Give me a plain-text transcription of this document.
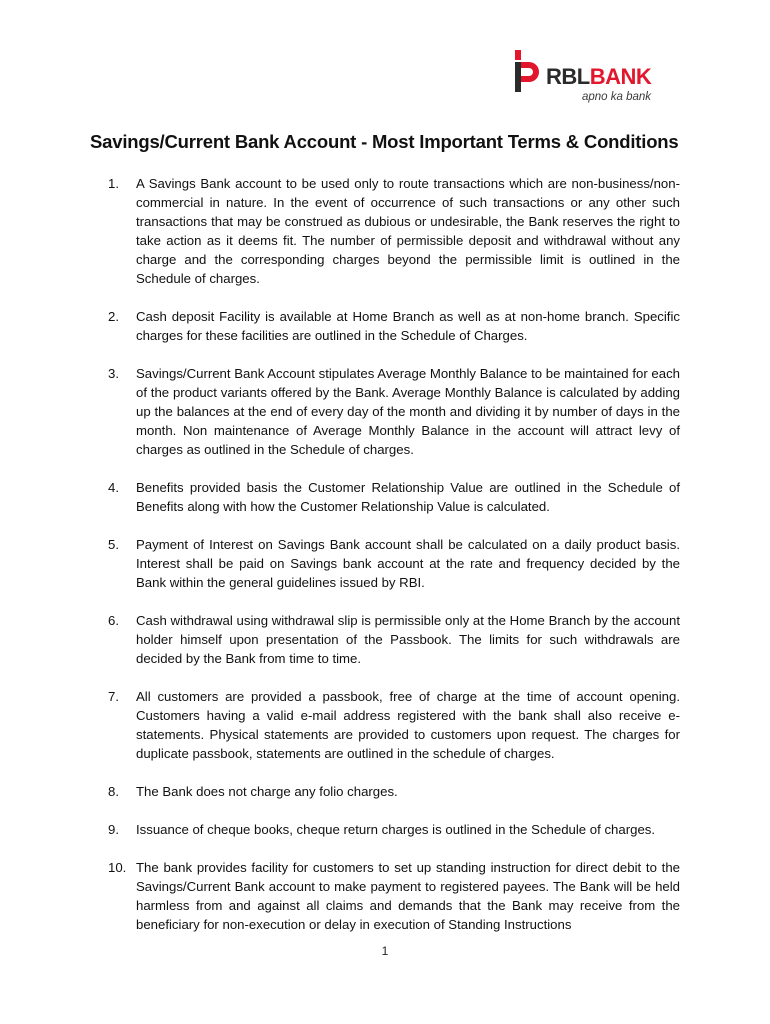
RBLBANK
apno ka bank
Savings/Current Bank Account - Most Important Terms & Conditions
1. A Savings Bank account to be used only to route transactions which are non-business/non-commercial in nature. In the event of occurrence of such transactions or any other such transactions that may be construed as dubious or undesirable, the Bank reserves the right to take action as it deems fit. The number of permissible deposit and withdrawal without any charge and the corresponding charges beyond the permissible limit is outlined in the Schedule of charges.
2. Cash deposit Facility is available at Home Branch as well as at non-home branch. Specific charges for these facilities are outlined in the Schedule of Charges.
3. Savings/Current Bank Account stipulates Average Monthly Balance to be maintained for each of the product variants offered by the Bank. Average Monthly Balance is calculated by adding up the balances at the end of every day of the month and dividing it by number of days in the month. Non maintenance of Average Monthly Balance in the account will attract levy of charges as outlined in the Schedule of charges.
4. Benefits provided basis the Customer Relationship Value are outlined in the Schedule of Benefits along with how the Customer Relationship Value is calculated.
5. Payment of Interest on Savings Bank account shall be calculated on a daily product basis. Interest shall be paid on Savings bank account at the rate and frequency decided by the Bank within the general guidelines issued by RBI.
6. Cash withdrawal using withdrawal slip is permissible only at the Home Branch by the account holder himself upon presentation of the Passbook. The limits for such withdrawals are decided by the Bank from time to time.
7. All customers are provided a passbook, free of charge at the time of account opening. Customers having a valid e-mail address registered with the bank shall also receive e-statements. Physical statements are provided to customers upon request. The charges for duplicate passbook, statements are outlined in the schedule of charges.
8. The Bank does not charge any folio charges.
9. Issuance of cheque books, cheque return charges is outlined in the Schedule of charges.
10. The bank provides facility for customers to set up standing instruction for direct debit to the Savings/Current Bank account to make payment to registered payees. The Bank will be held harmless from and against all claims and demands that the Bank may receive from the beneficiary for non-execution or delay in execution of Standing Instructions
1
